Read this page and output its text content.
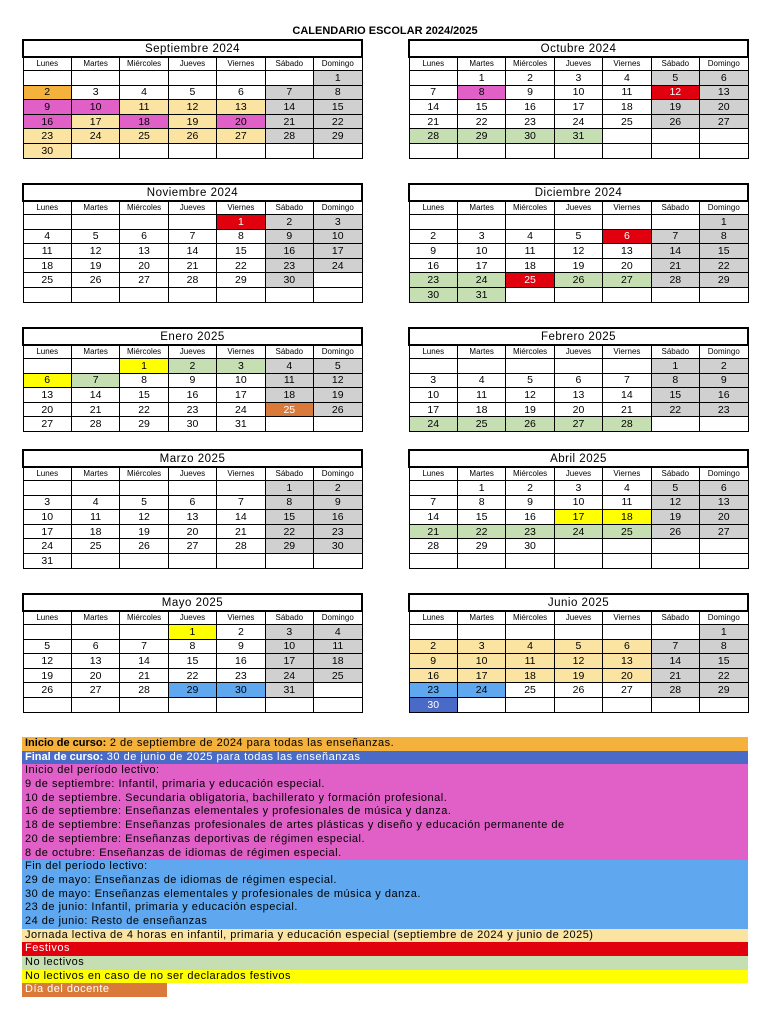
CALENDARIO ESCOLAR 2024/2025
Septiembre 2024						
Lunes	Martes	Miércoles	Jueves	Viernes	Sábado	Domingo
						1
2	3	4	5	6	7	8
9	10	11	12	13	14	15
16	17	18	19	20	21	22
23	24	25	26	27	28	29
30						
Octubre 2024						
Lunes	Martes	Miércoles	Jueves	Viernes	Sábado	Domingo
	1	2	3	4	5	6
7	8	9	10	11	12	13
14	15	16	17	18	19	20
21	22	23	24	25	26	27
28	29	30	31			

Noviembre 2024						
Lunes	Martes	Miércoles	Jueves	Viernes	Sábado	Domingo
				1	2	3
4	5	6	7	8	9	10
11	12	13	14	15	16	17
18	19	20	21	22	23	24
25	26	27	28	29	30	

Diciembre 2024						
Lunes	Martes	Miércoles	Jueves	Viernes	Sábado	Domingo
						1
2	3	4	5	6	7	8
9	10	11	12	13	14	15
16	17	18	19	20	21	22
23	24	25	26	27	28	29
30	31					
Enero 2025						
Lunes	Martes	Miércoles	Jueves	Viernes	Sábado	Domingo
		1	2	3	4	5
6	7	8	9	10	11	12
13	14	15	16	17	18	19
20	21	22	23	24	25	26
27	28	29	30	31		
Febrero 2025						
Lunes	Martes	Miércoles	Jueves	Viernes	Sábado	Domingo
					1	2
3	4	5	6	7	8	9
10	11	12	13	14	15	16
17	18	19	20	21	22	23
24	25	26	27	28		
Marzo 2025						
Lunes	Martes	Miércoles	Jueves	Viernes	Sábado	Domingo
					1	2
3	4	5	6	7	8	9
10	11	12	13	14	15	16
17	18	19	20	21	22	23
24	25	26	27	28	29	30
31						
Abril 2025						
Lunes	Martes	Miércoles	Jueves	Viernes	Sábado	Domingo
	1	2	3	4	5	6
7	8	9	10	11	12	13
14	15	16	17	18	19	20
21	22	23	24	25	26	27
28	29	30				

Mayo 2025						
Lunes	Martes	Miércoles	Jueves	Viernes	Sábado	Domingo
			1	2	3	4
5	6	7	8	9	10	11
12	13	14	15	16	17	18
19	20	21	22	23	24	25
26	27	28	29	30	31	

Junio 2025						
Lunes	Martes	Miércoles	Jueves	Viernes	Sábado	Domingo
						1
2	3	4	5	6	7	8
9	10	11	12	13	14	15
16	17	18	19	20	21	22
23	24	25	26	27	28	29
30						
Inicio de curso: 2 de septiembre de 2024 para todas las enseñanzas.
Final de curso: 30 de junio de 2025 para todas las enseñanzas
Inicio del período lectivo:
9 de septiembre: Infantil, primaria y educación especial.
10 de septiembre. Secundaria obligatoria, bachillerato y formación profesional.
16 de septiembre: Enseñanzas elementales y profesionales de música y danza.
18 de septiembre: Enseñanzas profesionales de artes plásticas y diseño y educación permanente de
20 de septiembre: Enseñanzas deportivas de régimen especial.
8 de octubre: Enseñanzas de idiomas de régimen especial.
Fin del período lectivo:
29 de mayo: Enseñanzas de idiomas de régimen especial.
30 de mayo: Enseñanzas elementales y profesionales de música y danza.
23 de junio: Infantil, primaria y educación especial.
24 de junio: Resto de enseñanzas
Jornada lectiva de 4 horas en infantil, primaria y educación especial (septiembre de 2024 y junio de 2025)
Festivos
No lectivos
No lectivos en caso de no ser declarados festivos
Día del docente
